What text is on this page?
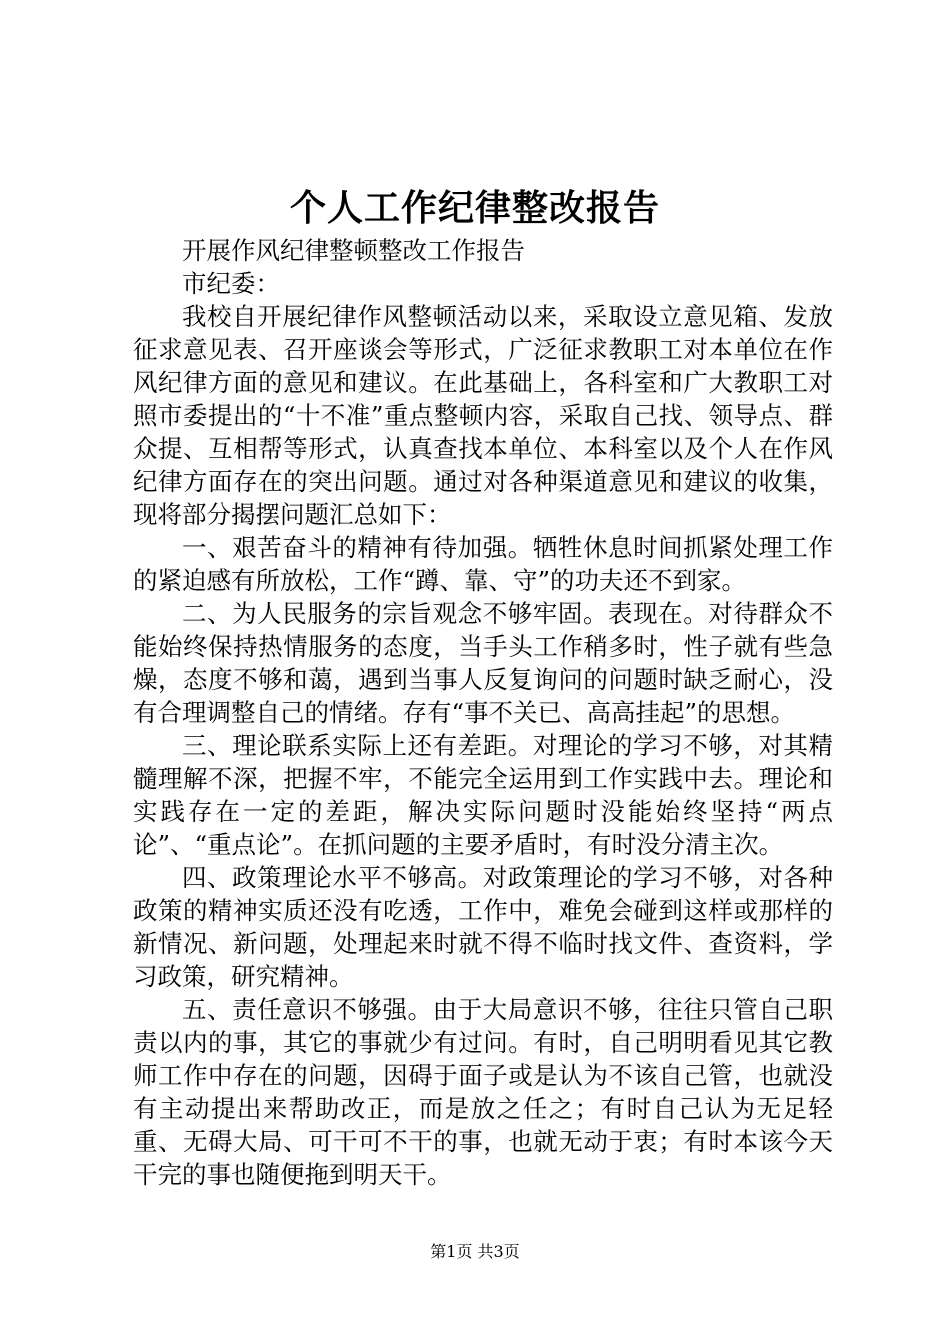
个人工作纪律整改报告

开展作风纪律整顿整改工作报告

市纪委：

我校自开展纪律作风整顿活动以来，采取设立意见箱、发放征求意见表、召开座谈会等形式，广泛征求教职工对本单位在作风纪律方面的意见和建议。在此基础上，各科室和广大教职工对照市委提出的“十不准”重点整顿内容，采取自己找、领导点、群众提、互相帮等形式，认真查找本单位、本科室以及个人在作风纪律方面存在的突出问题。通过对各种渠道意见和建议的收集，现将部分揭摆问题汇总如下：

一、艰苦奋斗的精神有待加强。牺牲休息时间抓紧处理工作的紧迫感有所放松，工作“蹲、靠、守”的功夫还不到家。

二、为人民服务的宗旨观念不够牢固。表现在。对待群众不能始终保持热情服务的态度，当手头工作稍多时，性子就有些急燥，态度不够和蔼，遇到当事人反复询问的问题时缺乏耐心，没有合理调整自己的情绪。存有“事不关已、高高挂起”的思想。

三、理论联系实际上还有差距。对理论的学习不够，对其精髓理解不深，把握不牢，不能完全运用到工作实践中去。理论和实践存在一定的差距，解决实际问题时没能始终坚持“两点论”、“重点论”。在抓问题的主要矛盾时，有时没分清主次。

四、政策理论水平不够高。对政策理论的学习不够，对各种政策的精神实质还没有吃透，工作中，难免会碰到这样或那样的新情况、新问题，处理起来时就不得不临时找文件、查资料，学习政策，研究精神。

五、责任意识不够强。由于大局意识不够，往往只管自己职责以内的事，其它的事就少有过问。有时，自己明明看见其它教师工作中存在的问题，因碍于面子或是认为不该自己管，也就没有主动提出来帮助改正，而是放之任之；有时自己认为无足轻重、无碍大局、可干可不干的事，也就无动于衷；有时本该今天干完的事也随便拖到明天干。

第1页 共3页
